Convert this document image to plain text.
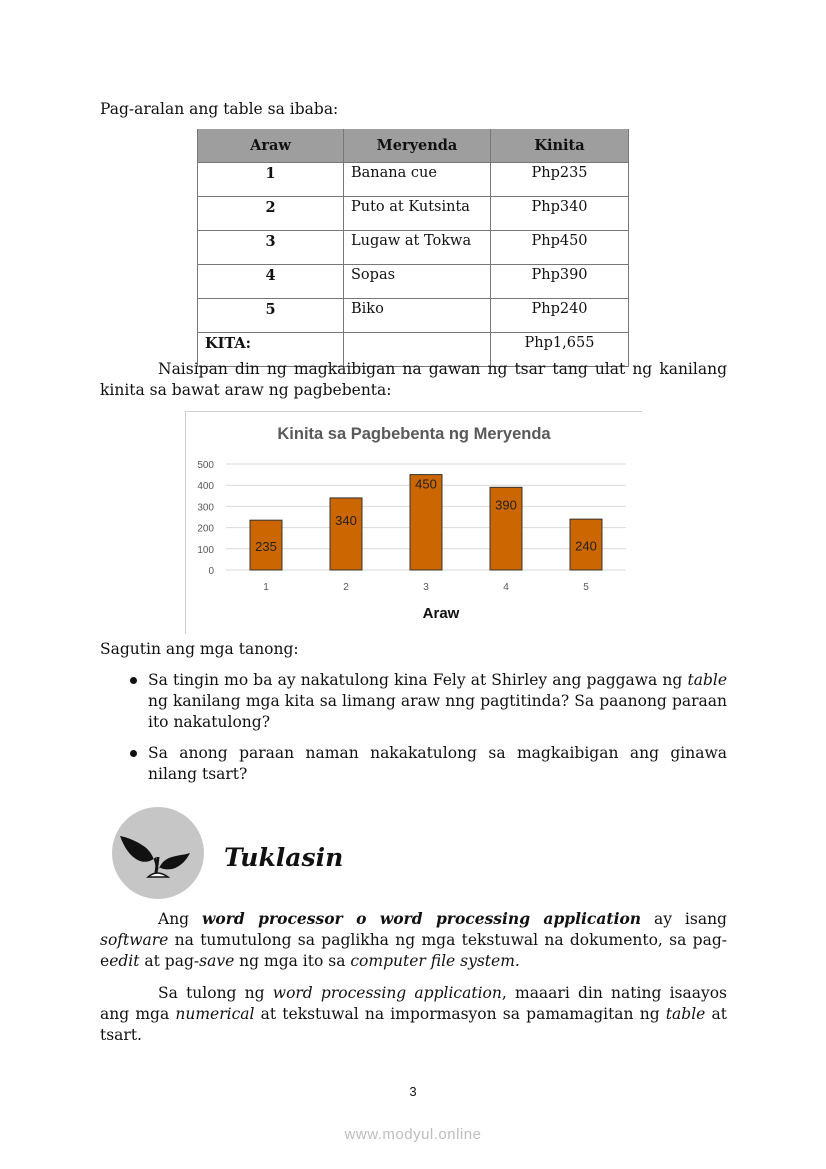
Pag-aralan ang table sa ibaba:
Araw	Meryenda	Kinita
1	Banana cue	Php235
2	Puto at Kutsinta	Php340
3	Lugaw at Tokwa	Php450
4	Sopas	Php390
5	Biko	Php240
KITA:		Php1,655
Naisipan din ng magkaibigan na gawan ng tsar tang ulat ng kanilang kinita sa bawat araw ng pagbebenta:
Kinita sa Pagbebenta ng Meryenda
0
100
200
300
400
500
1
235
2
340
3
450
4
390
5
240
Araw
Sagutin ang mga tanong:
Sa tingin mo ba ay nakatulong kina Fely at Shirley ang paggawa ng table ng kanilang mga kita sa limang araw nng pagtitinda? Sa paanong paraan ito nakatulong?
Sa anong paraan naman nakakatulong sa magkaibigan ang ginawa nilang tsart?
Tuklasin
Ang word processor o word processing application ay isang software na tumutulong sa paglikha ng mga tekstuwal na dokumento, sa pag-eedit at pag-save ng mga ito sa computer file system.
Sa tulong ng word processing application, maaari din nating isaayos ang mga numerical at tekstuwal na impormasyon sa pamamagitan ng table at tsart.
3
www.modyul.online
